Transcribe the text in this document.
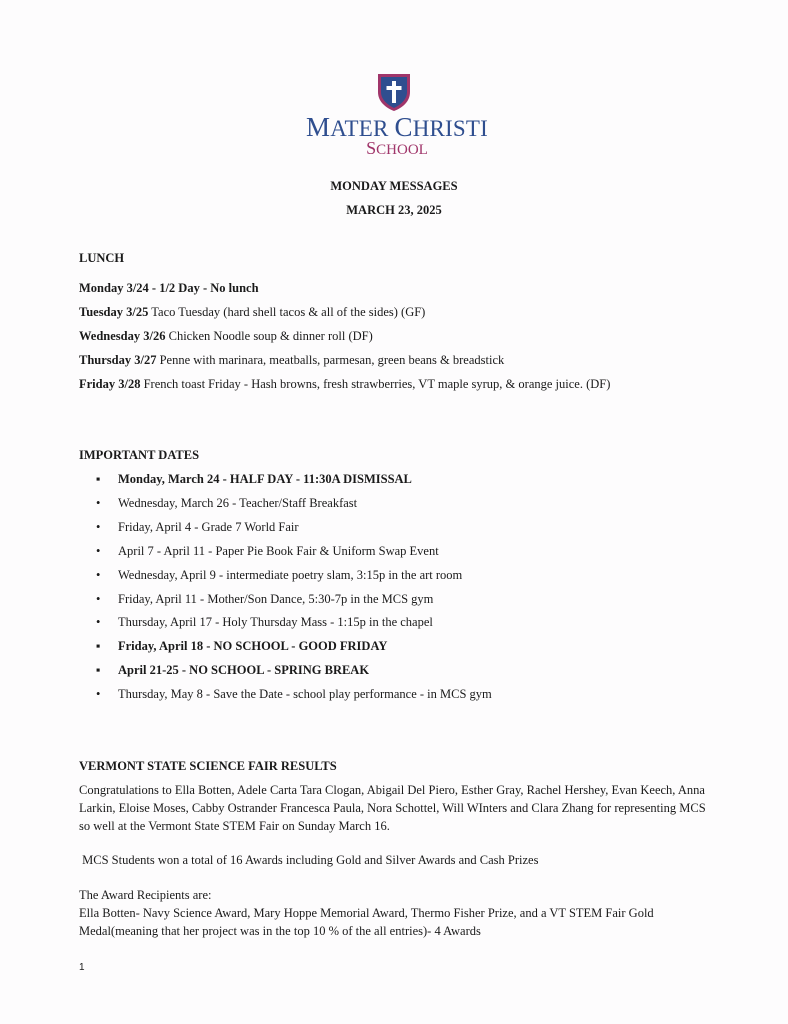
MATER CHRISTI
SCHOOL
MONDAY MESSAGES
MARCH 23, 2025
LUNCH
Monday 3/24 - 1/2 Day - No lunch
Tuesday 3/25 Taco Tuesday (hard shell tacos & all of the sides) (GF)
Wednesday 3/26 Chicken Noodle soup & dinner roll (DF)
Thursday 3/27 Penne with marinara, meatballs, parmesan, green beans & breadstick
Friday 3/28 French toast Friday - Hash browns, fresh strawberries, VT maple syrup, & orange juice. (DF)
IMPORTANT DATES
▪ Monday, March 24 - HALF DAY - 11:30A DISMISSAL
• Wednesday, March 26 - Teacher/Staff Breakfast
• Friday, April 4 - Grade 7 World Fair
• April 7 - April 11 - Paper Pie Book Fair & Uniform Swap Event
• Wednesday, April 9 - intermediate poetry slam, 3:15p in the art room
• Friday, April 11 - Mother/Son Dance, 5:30-7p in the MCS gym
• Thursday, April 17 - Holy Thursday Mass - 1:15p in the chapel
▪ Friday, April 18 - NO SCHOOL - GOOD FRIDAY
▪ April 21-25 - NO SCHOOL - SPRING BREAK
• Thursday, May 8 - Save the Date - school play performance - in MCS gym
VERMONT STATE SCIENCE FAIR RESULTS
Congratulations to Ella Botten, Adele Carta Tara Clogan, Abigail Del Piero, Esther Gray, Rachel Hershey, Evan Keech, Anna Larkin, Eloise Moses, Cabby Ostrander Francesca Paula, Nora Schottel, Will WInters and Clara Zhang for representing MCS so well at the Vermont State STEM Fair on Sunday March 16.
MCS Students won a total of 16 Awards including Gold and Silver Awards and Cash Prizes
The Award Recipients are:
Ella Botten- Navy Science Award, Mary Hoppe Memorial Award, Thermo Fisher Prize, and a VT STEM Fair Gold Medal(meaning that her project was in the top 10 % of the all entries)- 4 Awards
1
